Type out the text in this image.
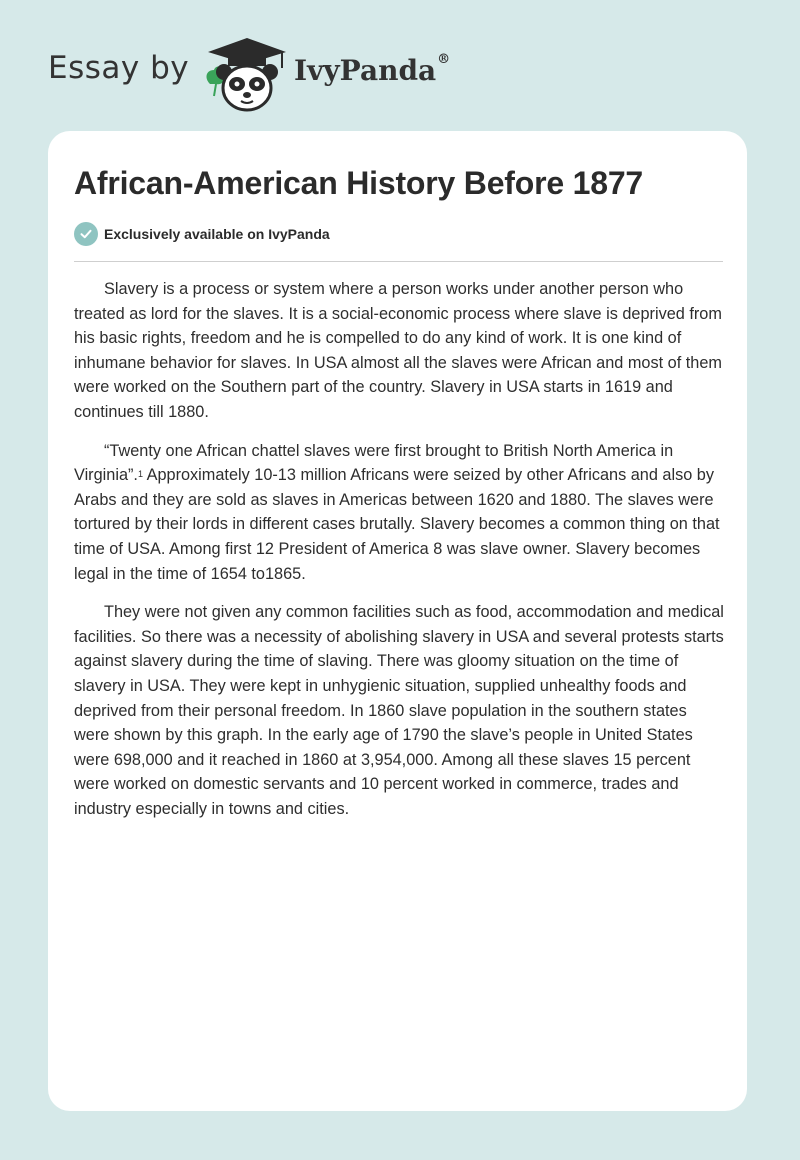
Essay by	IvyPanda®
African-American History Before 1877
Exclusively available on IvyPanda

Slavery is a process or system where a person works under another person who treated as lord for the slaves. It is a social-economic process where slave is deprived from his basic rights, freedom and he is compelled to do any kind of work. It is one kind of inhumane behavior for slaves. In USA almost all the slaves were African and most of them were worked on the Southern part of the country. Slavery in USA starts in 1619 and continues till 1880.

“Twenty one African chattel slaves were first brought to British North America in Virginia”.$^1$ Approximately 10-13 million Africans were seized by other Africans and also by Arabs and they are sold as slaves in Americas between 1620 and 1880. The slaves were tortured by their lords in different cases brutally. Slavery becomes a common thing on that time of USA. Among first 12 President of America 8 was slave owner. Slavery becomes legal in the time of 1654 to1865.

They were not given any common facilities such as food, accommodation and medical facilities. So there was a necessity of abolishing slavery in USA and several protests starts against slavery during the time of slaving. There was gloomy situation on the time of slavery in USA. They were kept in unhygienic situation, supplied unhealthy foods and deprived from their personal freedom. In 1860 slave population in the southern states were shown by this graph. In the early age of 1790 the slave’s people in United States were 698,000 and it reached in 1860 at 3,954,000. Among all these slaves 15 percent were worked on domestic servants and 10 percent worked in commerce, trades and industry especially in towns and cities.
